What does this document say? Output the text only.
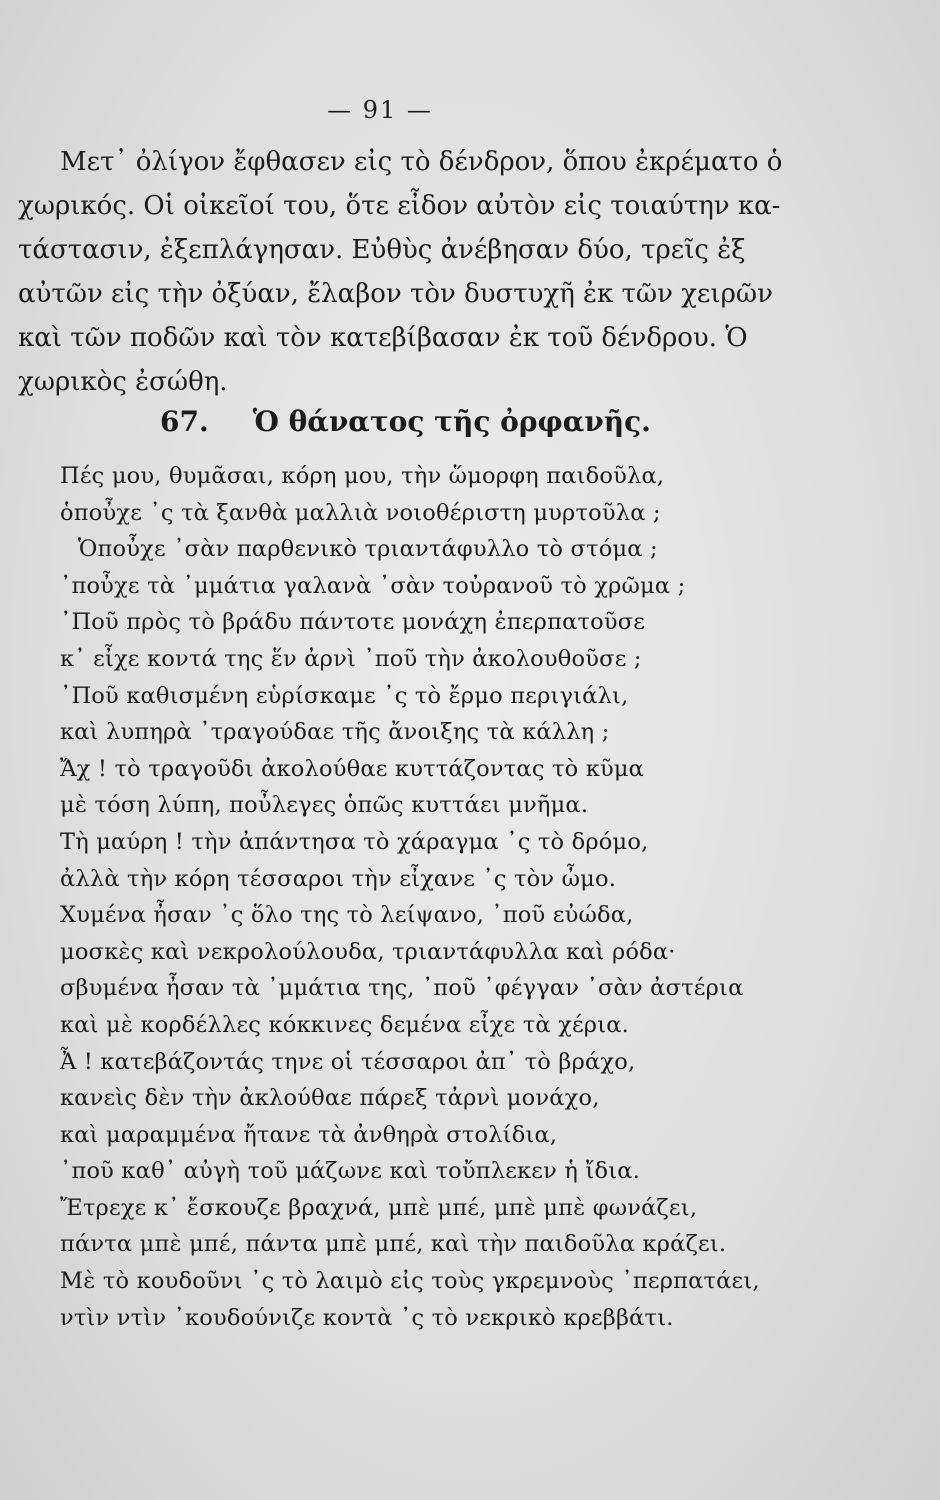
— 91 —
Μετ᾽ ὀλίγον ἔφθασεν εἰς τὸ δένδρον, ὅπου ἐκρέματο ὁ
χωρικός. Οἱ οἰκεῖοί του, ὅτε εἶδον αὐτὸν εἰς τοιαύτην κα-
τάστασιν, ἐξεπλάγησαν. Εὐθὺς ἀνέβησαν δύο, τρεῖς ἐξ
αὐτῶν εἰς τὴν ὀξύαν, ἔλαβον τὸν δυστυχῆ ἐκ τῶν χειρῶν
καὶ τῶν ποδῶν καὶ τὸν κατεβίβασαν ἐκ τοῦ δένδρου. Ὁ
χωρικὸς ἐσώθη.
67. Ὁ θάνατος τῆς ὀρφανῆς.
Πές μου, θυμᾶσαι, κόρη μου, τὴν ὥμορφη παιδοῦλα,
ὁποὖχε ᾽ς τὰ ξανθὰ μαλλιὰ νοιοθέριστη μυρτοῦλα ;
Ὁποὖχε ᾽σὰν παρθενικὸ τριαντάφυλλο τὸ στόμα ;
᾽ποὖχε τὰ ᾽μμάτια γαλανὰ ᾽σὰν τοὐρανοῦ τὸ χρῶμα ;
᾽Ποῦ πρὸς τὸ βράδυ πάντοτε μονάχη ἐπερπατοῦσε
κ᾽ εἶχε κοντά της ἕν ἀρνὶ ᾽ποῦ τὴν ἀκολουθοῦσε ;
᾽Ποῦ καθισμένη εὑρίσκαμε ᾽ς τὸ ἔρμο περιγιάλι,
καὶ λυπηρὰ ᾽τραγούδαε τῆς ἄνοιξης τὰ κάλλη ;
Ἄχ ! τὸ τραγοῦδι ἀκολούθαε κυττάζοντας τὸ κῦμα
μὲ τόση λύπη, ποὖλεγες ὁπῶς κυττάει μνῆμα.
Τὴ μαύρη ! τὴν ἀπάντησα τὸ χάραγμα ᾽ς τὸ δρόμο,
ἀλλὰ τὴν κόρη τέσσαροι τὴν εἶχανε ᾽ς τὸν ὦμο.
Χυμένα ἦσαν ᾽ς ὅλο της τὸ λείψανο, ᾽ποῦ εὐώδα,
μοσκὲς καὶ νεκρολούλουδα, τριαντάφυλλα καὶ ρόδα·
σβυμένα ἦσαν τὰ ᾽μμάτια της, ᾽ποῦ ᾽φέγγαν ᾽σὰν ἀστέρια
καὶ μὲ κορδέλλες κόκκινες δεμένα εἶχε τὰ χέρια.
Ἆ ! κατεβάζοντάς τηνε οἱ τέσσαροι ἀπ᾽ τὸ βράχο,
κανεὶς δὲν τὴν ἀκλούθαε πάρεξ τἀρνὶ μονάχο,
καὶ μαραμμένα ἤτανε τὰ ἀνθηρὰ στολίδια,
᾽ποῦ καθ᾽ αὐγὴ τοῦ μάζωνε καὶ τοὔπλεκεν ἡ ἴδια.
Ἔτρεχε κ᾽ ἔσκουζε βραχνά, μπὲ μπέ, μπὲ μπὲ φωνάζει,
πάντα μπὲ μπέ, πάντα μπὲ μπέ, καὶ τὴν παιδοῦλα κράζει.
Μὲ τὸ κουδοῦνι ᾽ς τὸ λαιμὸ εἰς τοὺς γκρεμνοὺς ᾽περπατάει,
ντὶν ντὶν ᾽κουδούνιζε κοντὰ ᾽ς τὸ νεκρικὸ κρεββάτι.
